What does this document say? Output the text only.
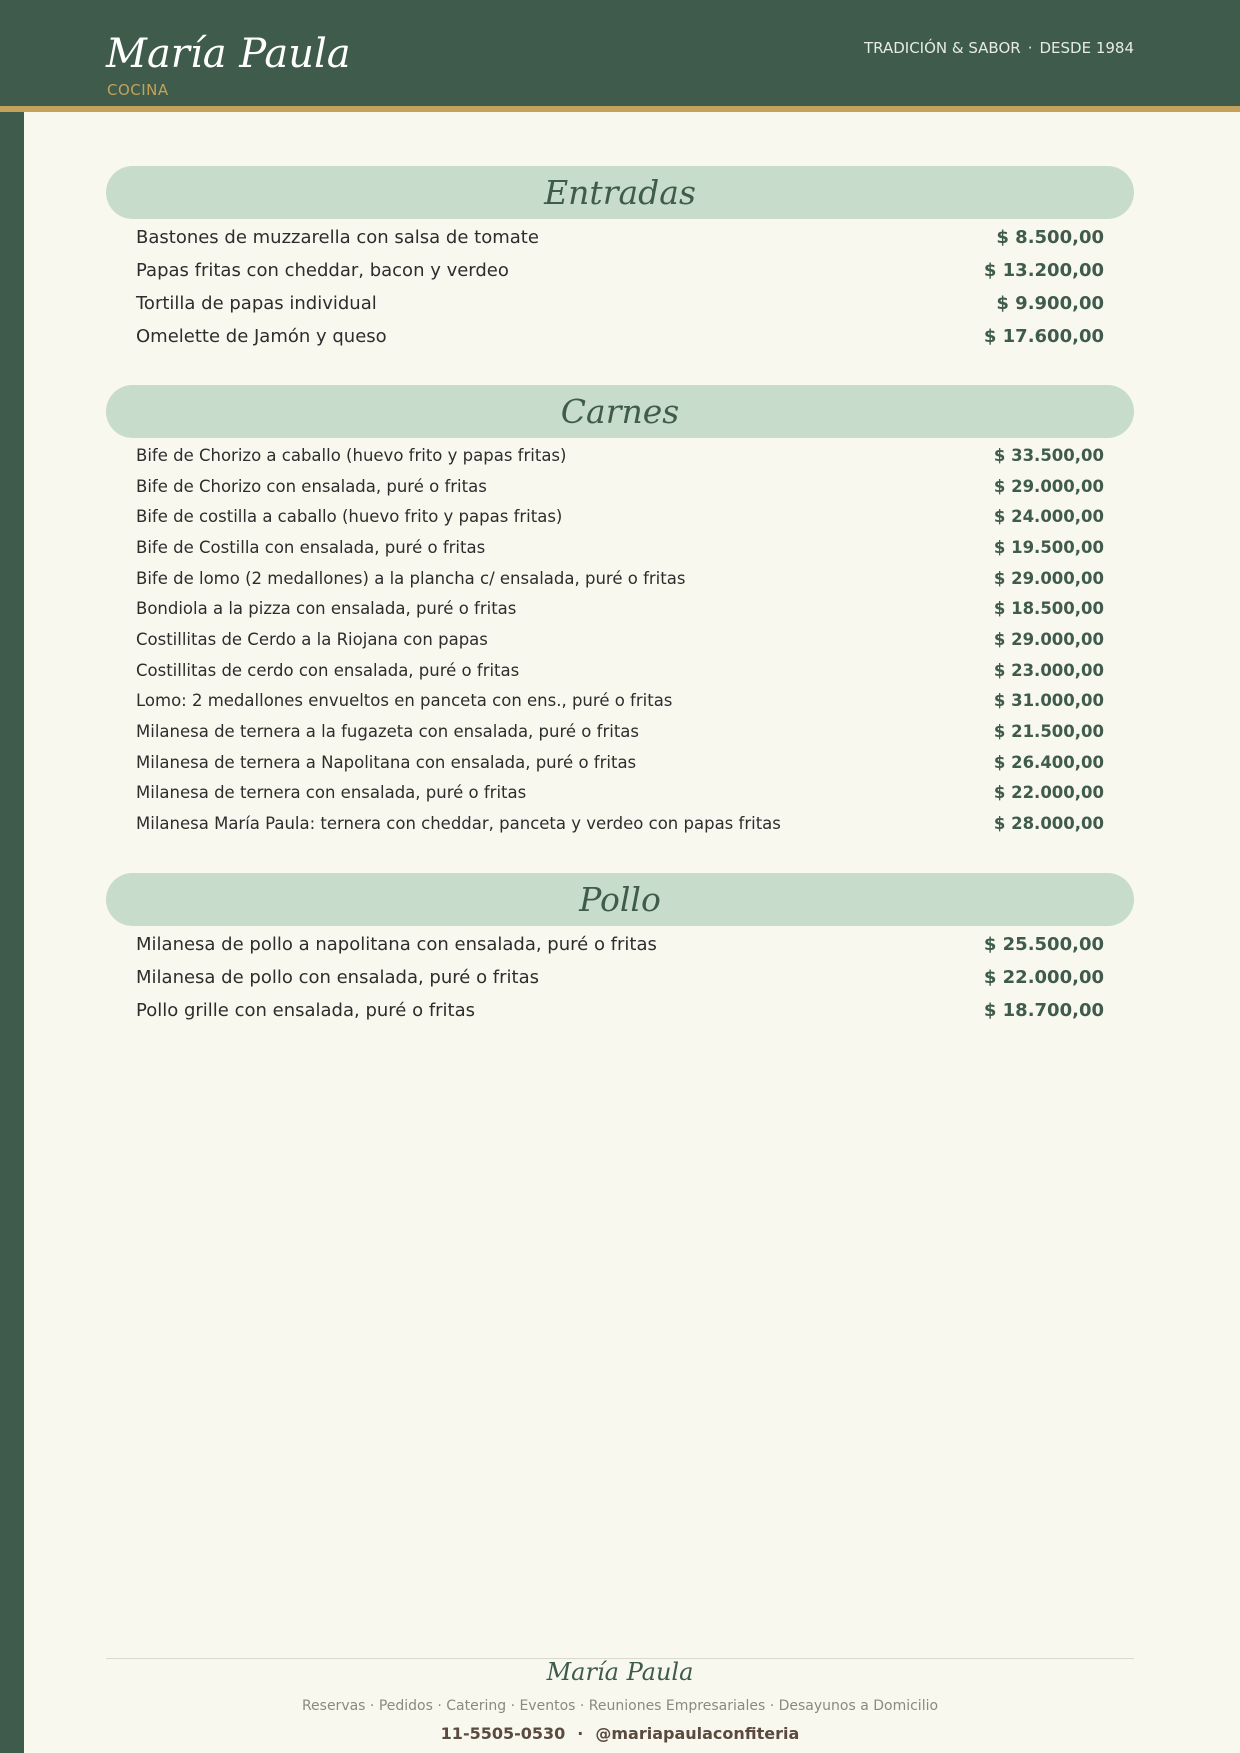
María Paula
COCINA
TRADICIÓN & SABOR · DESDE 1984
Entradas
Bastones de muzzarella con salsa de tomate	$ 8.500,00
Papas fritas con cheddar, bacon y verdeo	$ 13.200,00
Tortilla de papas individual	$ 9.900,00
Omelette de Jamón y queso	$ 17.600,00
Carnes
Bife de Chorizo a caballo (huevo frito y papas fritas)	$ 33.500,00
Bife de Chorizo con ensalada, puré o fritas	$ 29.000,00
Bife de costilla a caballo (huevo frito y papas fritas)	$ 24.000,00
Bife de Costilla con ensalada, puré o fritas	$ 19.500,00
Bife de lomo (2 medallones) a la plancha c/ ensalada, puré o fritas	$ 29.000,00
Bondiola a la pizza con ensalada, puré o fritas	$ 18.500,00
Costillitas de Cerdo a la Riojana con papas	$ 29.000,00
Costillitas de cerdo con ensalada, puré o fritas	$ 23.000,00
Lomo: 2 medallones envueltos en panceta con ens., puré o fritas	$ 31.000,00
Milanesa de ternera a la fugazeta con ensalada, puré o fritas	$ 21.500,00
Milanesa de ternera a Napolitana con ensalada, puré o fritas	$ 26.400,00
Milanesa de ternera con ensalada, puré o fritas	$ 22.000,00
Milanesa María Paula: ternera con cheddar, panceta y verdeo con papas fritas	$ 28.000,00
Pollo
Milanesa de pollo a napolitana con ensalada, puré o fritas	$ 25.500,00
Milanesa de pollo con ensalada, puré o fritas	$ 22.000,00
Pollo grille con ensalada, puré o fritas	$ 18.700,00
María Paula
Reservas · Pedidos · Catering · Eventos · Reuniones Empresariales · Desayunos a Domicilio
11-5505-0530 · @mariapaulaconfiteria
